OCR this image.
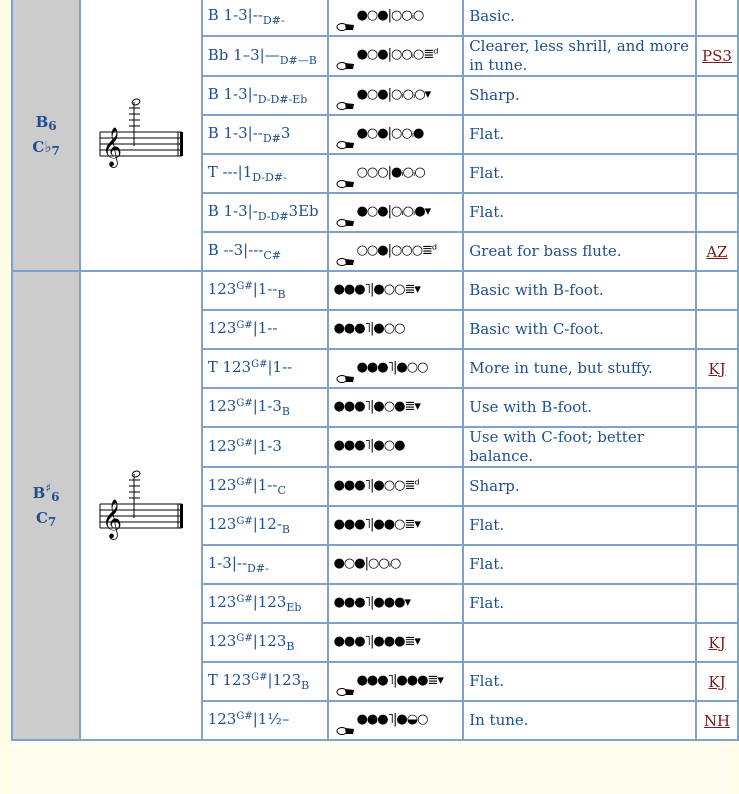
$B_6$
$C♭_7$	𝄞	B $1-3|--_{D\#-}$	●○●|○○ᵢ○	Basic.	
		Bb $1-3|—_{D\#—B}$	●○●|○○ᵢ○≣ᵈ	Clearer, less shrill, and more in tune.	PS3
		B $1-3|-_{D-D\#-Eb}$	●○●|○ᵢ○ᵢ○▾	Sharp.	
		B $1-3|--_{D\#}3$	●○●|○○ᵢ●	Flat.	
		T $---|1_{D-D\#-}$	○○○|●ᵢ○ᵢ○	Flat.	
		B $1-3|-_{D-D\#}3Eb$	●○●|○ᵢ○ᵢ●▾	Flat.	
		B $--3|---_{C\#}$	○○●|○○○≣ᵈ	Great for bass flute.	AZ

$B^♯_6$
$C_7$	𝄞	$123^{G\#}|1--_B$	●●●˥|●○○≣▾	Basic with B-foot.	
		$123^{G\#}|1--$	●●●˥|●○○	Basic with C-foot.	
		T $123^{G\#}|1--$	●●●˥|●○○	More in tune, but stuffy.	KJ
		$123^{G\#}|1-3_B$	●●●˥|●○●≣▾	Use with B-foot.	
		$123^{G\#}|1-3$	●●●˥|●○●	Use with C-foot; better balance.	
		$123^{G\#}|1--_C$	●●●˥|●○○≣ᵈ	Sharp.	
		$123^{G\#}|12-_B$	●●●˥|●●○≣▾	Flat.	
		$1-3|--_{D\#-}$	●○●|○○ᵢ○	Flat.	
		$123^{G\#}|123_{Eb}$	●●●˥|●●●▾	Flat.	
		$123^{G\#}|123_B$	●●●˥|●●●≣▾		KJ
		T $123^{G\#}|123_B$	●●●˥|●●●≣▾	Flat.	KJ
		$123^{G\#}|1\frac{1}{2}-$	●●●˥|●◒○	In tune.	NH
